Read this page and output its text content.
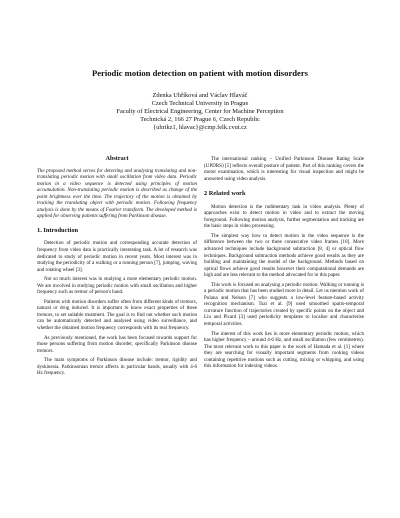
Periodic motion detection on patient with motion disorders
Zdenka Uhříková and Václav Hlaváč
Czech Technical University in Prague
Faculty of Electrical Engineering, Center for Machine Perception
Technická 2, 166 27 Prague 6, Czech Republic
{uhrikz1, hlavac}@cmp.felk.cvut.cz
Abstract

The proposed method serves for detecting and analysing translating and non-translating periodic motion with small oscillation from video data. Periodic motion in a video sequence is detected using principles of motion accumulation. Non-translating periodic motion is described as change of the point brightness over the time. The trajectory of the motion is obtained by tracking the translating object with periodic motion. Following frequency analysis is done by the means of Fourier transform. The developed method is applied for observing patients suffering from Parkinson disease.

1. Introduction

Detection of periodic motion and corresponding accurate detection of frequency from video data is practically interesting task. A lot of research was dedicated to study of periodic motion in recent years. Most interest was in studying the periodicity of a walking or a running person [7], jumping, waving and rotating wheel [3].

Not so much interest was in studying a more elementary periodic motion. We are involved in studying periodic motion with small oscillation and higher frequency such as tremor of person's hand.

Patients with motion disorders suffer often from different kinds of tremors, natural or drug induced. It is important to know exact properties of these tremors, to set suitable treatment. The goal is to find out whether such motion can be automatically detected and analysed using video surveillance, and whether the obtained motion frequency corresponds with its real frequency.

As previously mentioned, the work has been focused towards support for those persons suffering from motion disorder, specifically Parkinson disease tremors.

The main symptoms of Parkinson disease include: tremor, rigidity and dyskinesia. Parkinsonian tremor affects in particular hands, usually with 4-6 Hz frequency.

The international ranking – Unified Parkinson Disease Rating Scale (UPDRS) [5] reflects overall posture of patient. Part of this ranking covers the motor examination, which is interesting for visual inspection and might be answered using video analysis.

2 Related work

Motion detection is the rudimentary task in video analysis. Plenty of approaches exist to detect motion in video and to extract the moving foreground. Following motion analysis, further segmentation and tracking are the basic steps in video processing.

The simplest way how to detect motion in the video sequence is the difference between the two or three consecutive video frames [10]. More advanced techniques include background subtraction [8, 4] or optical flow techniques. Background subtraction methods achieve good results as they are building and maintaining the model of the background. Methods based on optical flows achieve good results however their computational demands are high and are less relevant to the method advocated for in this paper.

This work is focused on analysing a periodic motion. Walking or running is a periodic motion that has been studied more in detail. Let us mention work of Polana and Nelson [7] who suggests a low-level feature-based activity recognition mechanism. Tsai et al. [9] used smoothed spatio-temporal curvature function of trajectories created by specific points on the object and Liu and Picard [3] used periodicity templates to localise and characterise temporal activities.

The interest of this work lies in more elementary periodic motion, which has higher frequency – around 4-6 Hz, and small oscillation (few centimetres). The most relevant work to this paper is the work of Hamada et al. [1] where they are searching for visually important segments from cooking videos containing repetitive motions such as cutting, mixing or whipping, and using this information for indexing videos.
